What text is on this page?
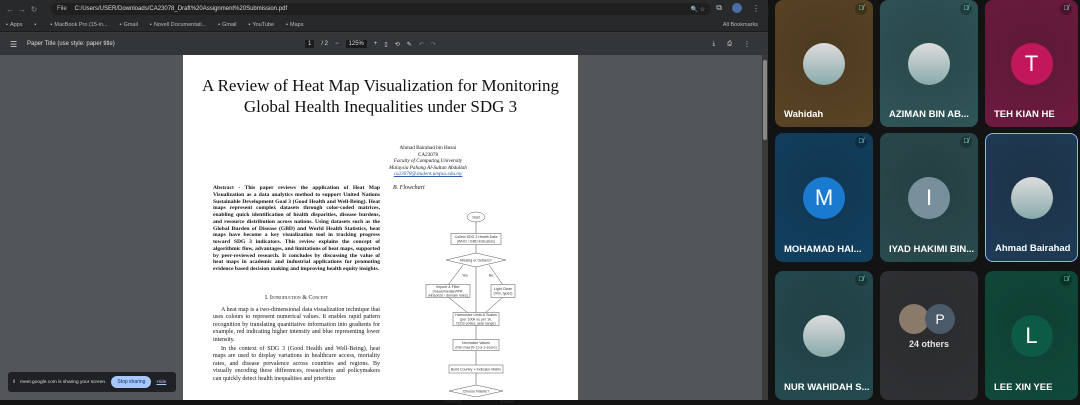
← → ↻	File C:/Users/USER/Downloads/CA23078_Draft%20Assignment%20Submission.pdf	🔍 ☆ ⧉	⋮
▪ Apps ▪	▪ MacBook Pro (15-in... ▪ Gmail ▪ Novell Documentati... ▪ Gmail ▪ YouTube ▪ Maps	All Bookmarks
☰ Paper Title (use style: paper title)	1	/ 2 −	125%	+ ▯ ⟲ ✎ ↶ ↷	⤓ ⎙ ⋮
A Review of Heat Map Visualization for Monitoring Global Health Inequalities under SDG 3
Ahmad Bairahad bin Husni
CA23078
Faculty of Computing,University
Malaysia Pahang Al-Sultan Abdullah
ca23078@student.umpsa.edu.my
Abstract - This paper reviews the application of Heat Map Visualization as a data analytics method to support United Nations Sustainable Development Goal 3 (Good Health and Well-Being). Heat maps represent complex datasets through color-coded matrices, enabling quick identification of health disparities, disease burdens, and resource distribution across nations. Using datasets such as the Global Burden of Disease (GBD) and World Health Statistics, heat maps have become a key visualization tool in tracking progress toward SDG 3 indicators. This review explains the concept of algorithmic flow, advantages, and limitations of heat maps, supported by peer-reviewed research. It concludes by discussing the value of heat maps in academic and industrial applications for promoting evidence based decision making and improving health equity insights.
I. Introduction & Concept
A heat map is a two-dimensional data visualization technique that uses colours to represent numerical values. It enables rapid pattern recognition by translating quantitative information into gradients for example, red indicating higher intensity and blue representing lower intensity.
In the context of SDG 3 (Good Health and Well-Being), heat maps are used to display variations in healthcare access, mortality rates, and disease prevalence across countries and regions. By visually encoding these differences, researchers and policymakers can quickly detect health inequalities and prioritize
B. Flowchart
Start
Collect SDG 3 Health Data
(WHO / GBD indicators)
Missing or Outliers?
Yes	No
Impute & Filter
(mean/median/IPR,
winsorize / domain rules)
Light Clean
(trim, types)
Harmonize Units & Scales
(per 100k vs per 1k,
ISO3 codes, year range)
Normalize Values
(min-max [0-1] or z-score)
Build Country × Indicator Matrix
Choose Palette?
Colorblind	Standard
‖ meet.google.com is sharing your screen.	Stop sharing	Hide
Wahidah
🎙̸
AZIMAN BIN AB...
🎙̸
T
TEH KIAN HE
🎙̸
M
MOHAMAD HAI...
🎙̸
I
IYAD HAKIMI BIN...
🎙̸
Ahmad Bairahad
NUR WAHIDAH S...
🎙̸
P
24 others	L
LEE XIN YEE
🎙̸
